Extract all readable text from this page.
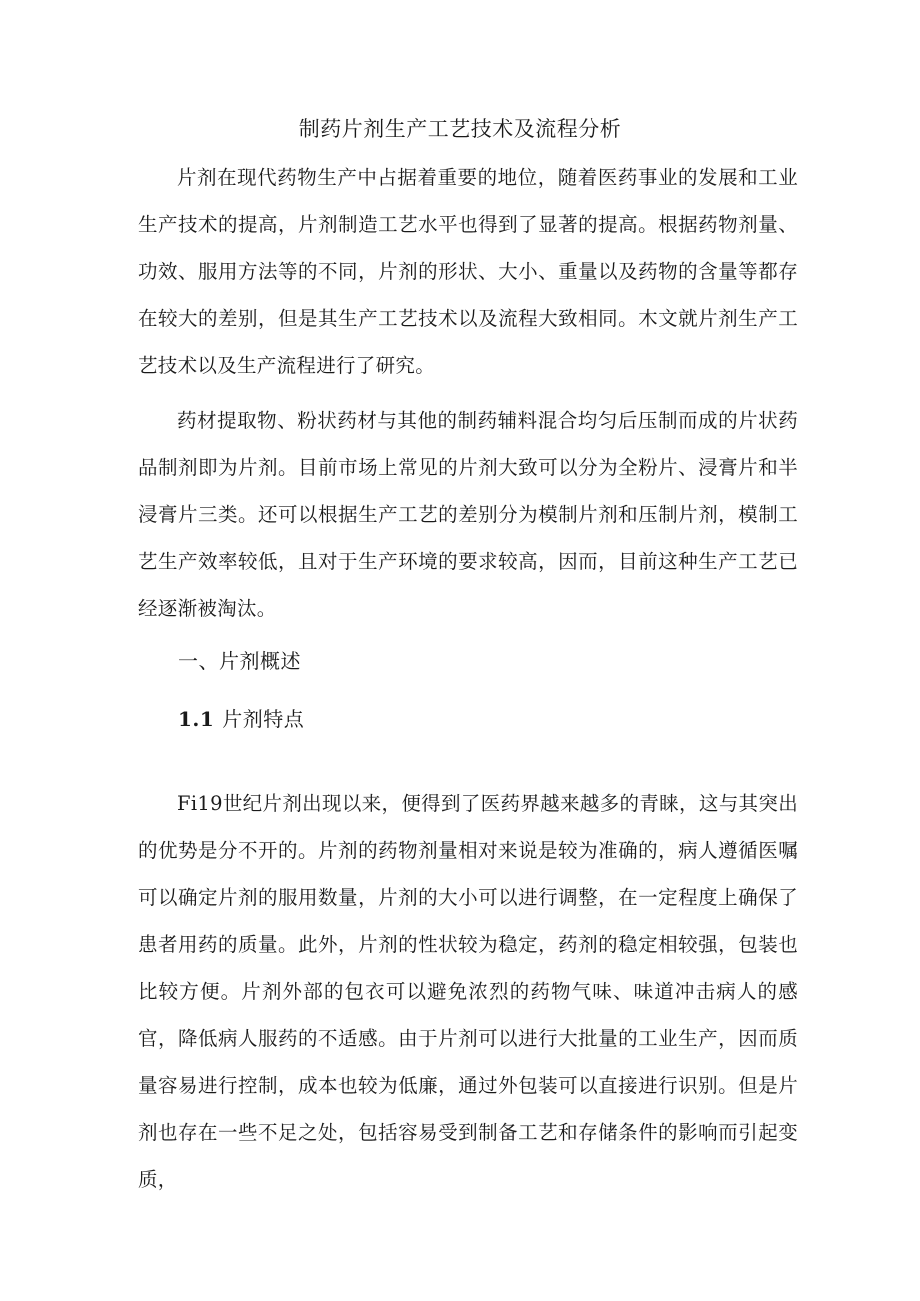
制药片剂生产工艺技术及流程分析

片剂在现代药物生产中占据着重要的地位，随着医药事业的发展和工业生产技术的提高，片剂制造工艺水平也得到了显著的提高。根据药物剂量、功效、服用方法等的不同，片剂的形状、大小、重量以及药物的含量等都存在较大的差别，但是其生产工艺技术以及流程大致相同。木文就片剂生产工艺技术以及生产流程进行了研究。

药材提取物、粉状药材与其他的制药辅料混合均匀后压制而成的片状药品制剂即为片剂。目前市场上常见的片剂大致可以分为全粉片、浸膏片和半浸膏片三类。还可以根据生产工艺的差别分为模制片剂和压制片剂，模制工艺生产效率较低，且对于生产环境的要求较高，因而，目前这种生产工艺已经逐渐被淘汰。

一、片剂概述
1.1 片剂特点

Fi19世纪片剂出现以来，便得到了医药界越来越多的青睐，这与其突出的优势是分不开的。片剂的药物剂量相对来说是较为准确的，病人遵循医嘱可以确定片剂的服用数量，片剂的大小可以进行调整，在一定程度上确保了患者用药的质量。此外，片剂的性状较为稳定，药剂的稳定相较强，包装也比较方便。片剂外部的包衣可以避免浓烈的药物气味、味道冲击病人的感官，降低病人服药的不适感。由于片剂可以进行大批量的工业生产，因而质量容易进行控制，成本也较为低廉，通过外包装可以直接进行识别。但是片剂也存在一些不足之处，包括容易受到制备工艺和存储条件的影响而引起变质，
